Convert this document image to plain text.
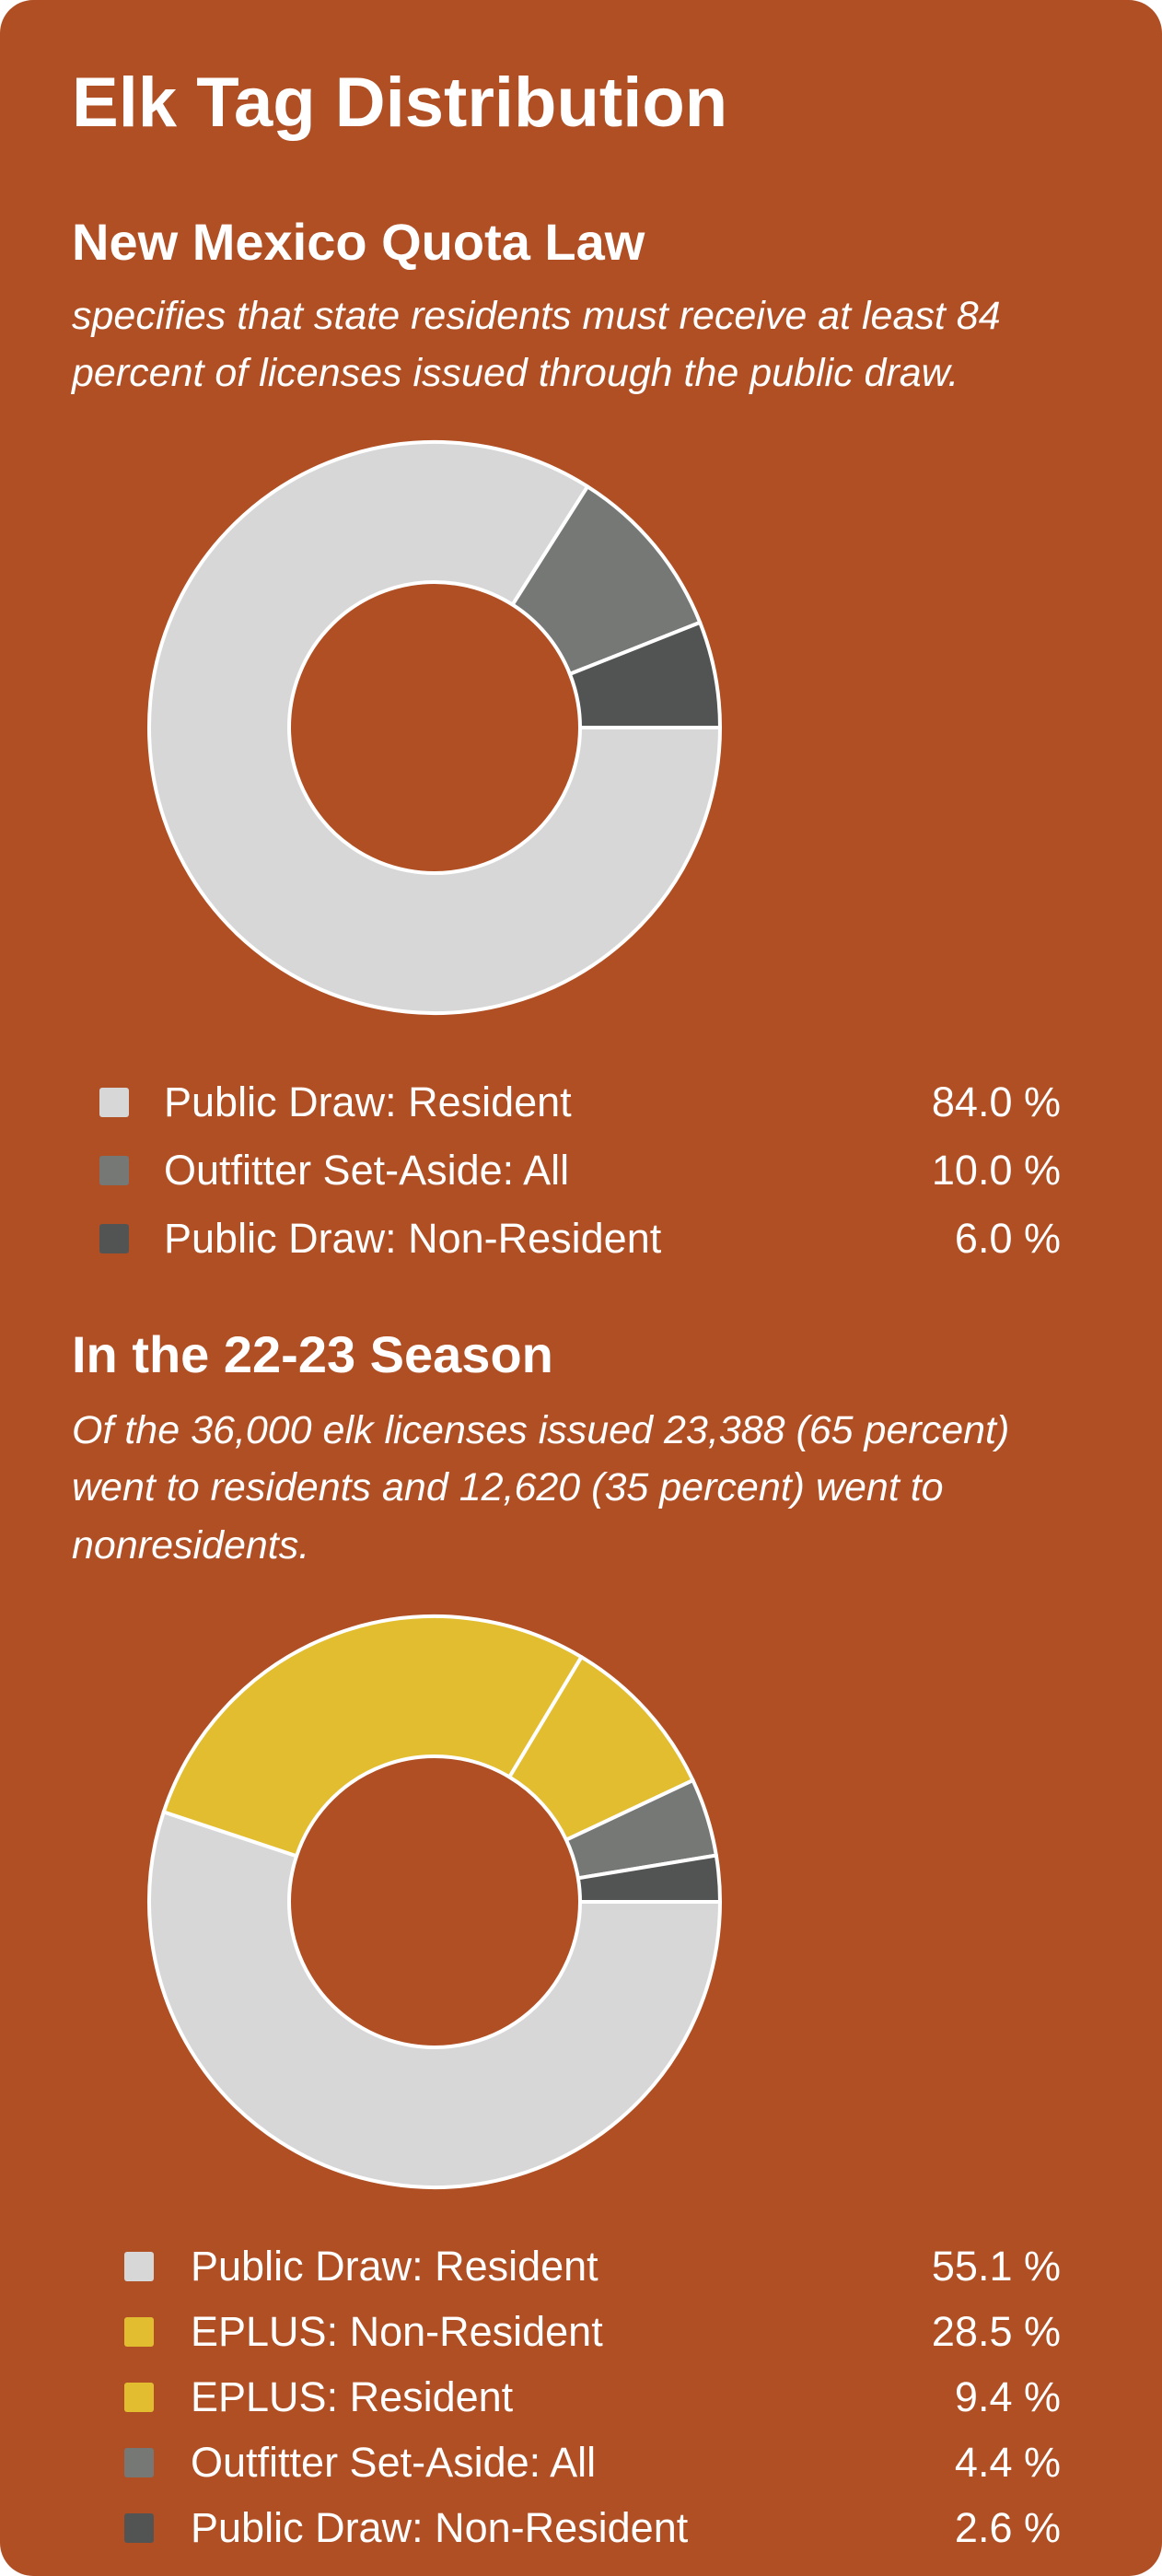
Elk Tag Distribution
New Mexico Quota Law

specifies that state residents must receive at least 84 percent of licenses issued through the public draw.

Public Draw: Resident	84.0 %
Outfitter Set-Aside: All	10.0 %
Public Draw: Non-Resident	6.0 %
In the 22-23 Season

Of the 36,000 elk licenses issued 23,388 (65 percent) went to residents and 12,620 (35 percent) went to nonresidents.

Public Draw: Resident	55.1 %
EPLUS: Non-Resident	28.5 %
EPLUS: Resident	9.4 %
Outfitter Set-Aside: All	4.4 %
Public Draw: Non-Resident	2.6 %
